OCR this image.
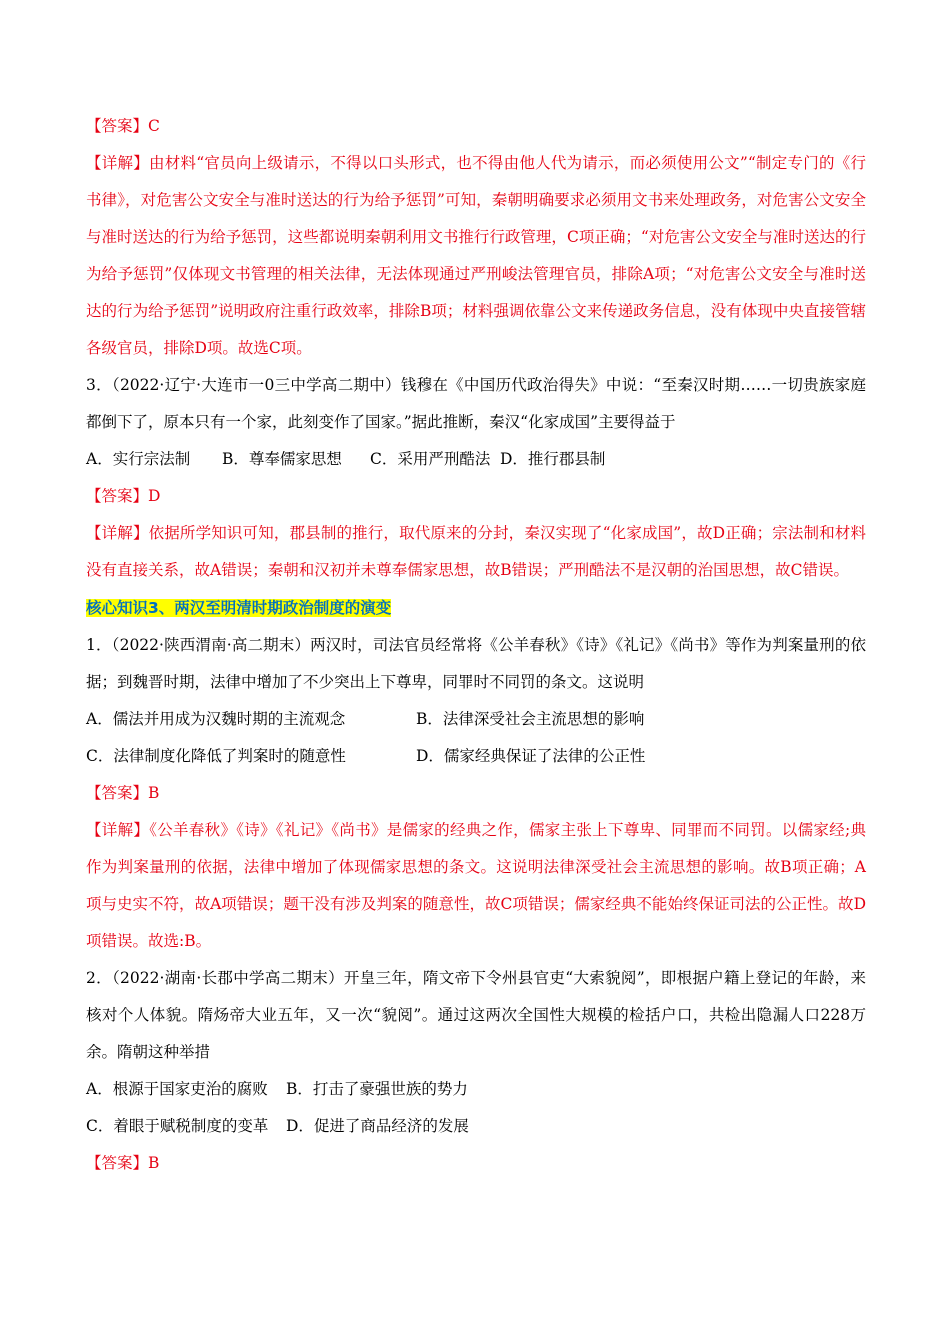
【答案】C

【详解】由材料“官员向上级请示，不得以口头形式，也不得由他人代为请示，而必须使用公文”“制定专门的《行书律》，对危害公文安全与准时送达的行为给予惩罚”可知，秦朝明确要求必须用文书来处理政务，对危害公文安全与准时送达的行为给予惩罚，这些都说明秦朝利用文书推行行政管理，C项正确；“对危害公文安全与准时送达的行为给予惩罚”仅体现文书管理的相关法律，无法体现通过严刑峻法管理官员，排除A项；“对危害公文安全与准时送达的行为给予惩罚”说明政府注重行政效率，排除B项；材料强调依靠公文来传递政务信息，没有体现中央直接管辖各级官员，排除D项。故选C项。

3．（2022·辽宁·大连市一0三中学高二期中）钱穆在《中国历代政治得失》中说：“至秦汉时期……一切贵族家庭都倒下了，原本只有一个家，此刻变作了国家。”据此推断，秦汉“化家成国”主要得益于

A．实行宗法制	B．尊奉儒家思想	C．采用严刑酷法 D．推行郡县制

【答案】D

【详解】依据所学知识可知，郡县制的推行，取代原来的分封，秦汉实现了“化家成国”，故D正确；宗法制和材料没有直接关系，故A错误；秦朝和汉初并未尊奉儒家思想，故B错误；严刑酷法不是汉朝的治国思想，故C错误。

核心知识3、两汉至明清时期政治制度的演变

1．（2022·陕西渭南·高二期末）两汉时，司法官员经常将《公羊春秋》《诗》《礼记》《尚书》等作为判案量刑的依据；到魏晋时期，法律中增加了不少突出上下尊卑，同罪时不同罚的条文。这说明

A．儒法并用成为汉魏时期的主流观念	B．法律深受社会主流思想的影响
C．法律制度化降低了判案时的随意性	D．儒家经典保证了法律的公正性

【答案】B

【详解】《公羊春秋》《诗》《礼记》《尚书》是儒家的经典之作，儒家主张上下尊卑、同罪而不同罚。以儒家经;典作为判案量刑的依据，法律中增加了体现儒家思想的条文。这说明法律深受社会主流思想的影响。故B项正确；A项与史实不符，故A项错误；题干没有涉及判案的随意性，故C项错误；儒家经典不能始终保证司法的公正性。故D项错误。故选:B。

2．（2022·湖南·长郡中学高二期末）开皇三年，隋文帝下令州县官吏“大索貌阅”，即根据户籍上登记的年龄，来核对个人体貌。隋炀帝大业五年，又一次“貌阅”。通过这两次全国性大规模的检括户口，共检出隐漏人口228万余。隋朝这种举措

A．根源于国家吏治的腐败	B．打击了豪强世族的势力
C．着眼于赋税制度的变革	D．促进了商品经济的发展

【答案】B
